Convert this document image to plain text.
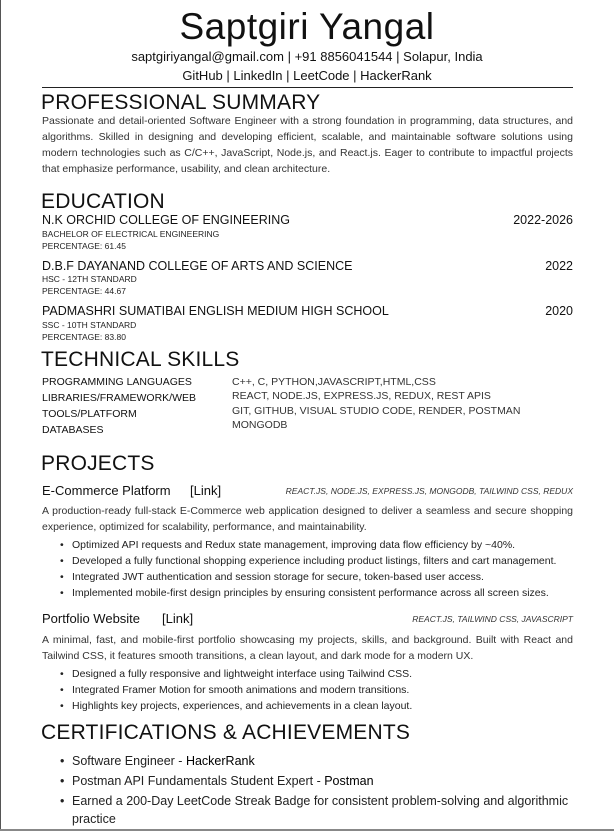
Saptgiri Yangal
saptgiriyangal@gmail.com | +91 8856041544 | Solapur, India
GitHub | LinkedIn | LeetCode | HackerRank
PROFESSIONAL SUMMARY
Passionate and detail-oriented Software Engineer with a strong foundation in programming, data structures, and algorithms. Skilled in designing and developing efficient, scalable, and maintainable software solutions using modern technologies such as C/C++, JavaScript, Node.js, and React.js. Eager to contribute to impactful projects that emphasize performance, usability, and clean architecture.
EDUCATION
N.K ORCHID COLLEGE OF ENGINEERING	2022-2026
BACHELOR OF ELECTRICAL ENGINEERING
PERCENTAGE: 61.45
D.B.F DAYANAND COLLEGE OF ARTS AND SCIENCE	2022
HSC - 12TH STANDARD
PERCENTAGE: 44.67
PADMASHRI SUMATIBAI ENGLISH MEDIUM HIGH SCHOOL	2020
SSC - 10TH STANDARD
PERCENTAGE: 83.80
TECHNICAL SKILLS
PROGRAMMING LANGUAGES	C++, C, PYTHON,JAVASCRIPT,HTML,CSS
LIBRARIES/FRAMEWORK/WEB	REACT, NODE.JS, EXPRESS.JS, REDUX, REST APIS
TOOLS/PLATFORM	GIT, GITHUB, VISUAL STUDIO CODE, RENDER, POSTMAN
DATABASES	MONGODB
PROJECTS
E-Commerce Platform [Link]	REACT.JS, NODE.JS, EXPRESS.JS, MONGODB, TAILWIND CSS, REDUX
A production-ready full-stack E-Commerce web application designed to deliver a seamless and secure shopping experience, optimized for scalability, performance, and maintainability.
• Optimized API requests and Redux state management, improving data flow efficiency by ~40%.
• Developed a fully functional shopping experience including product listings, filters and cart management.
• Integrated JWT authentication and session storage for secure, token-based user access.
• Implemented mobile-first design principles by ensuring consistent performance across all screen sizes.
Portfolio Website [Link]	REACT.JS, TAILWIND CSS, JAVASCRIPT
A minimal, fast, and mobile-first portfolio showcasing my projects, skills, and background. Built with React and Tailwind CSS, it features smooth transitions, a clean layout, and dark mode for a modern UX.
• Designed a fully responsive and lightweight interface using Tailwind CSS.
• Integrated Framer Motion for smooth animations and modern transitions.
• Highlights key projects, experiences, and achievements in a clean layout.
CERTIFICATIONS & ACHIEVEMENTS
• Software Engineer - HackerRank
• Postman API Fundamentals Student Expert - Postman
• Earned a 200-Day LeetCode Streak Badge for consistent problem-solving and algorithmic practice
